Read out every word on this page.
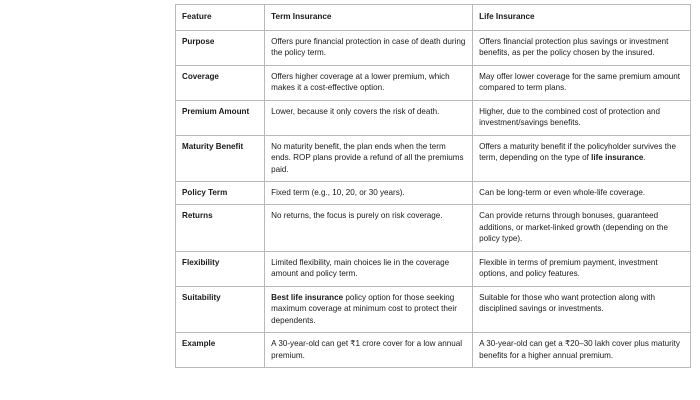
Feature	Term Insurance	Life Insurance
Purpose	Offers pure financial protection in case of death during the policy term.	Offers financial protection plus savings or investment benefits, as per the policy chosen by the insured.
Coverage	Offers higher coverage at a lower premium, which makes it a cost-effective option.	May offer lower coverage for the same premium amount compared to term plans.
Premium Amount	Lower, because it only covers the risk of death.	Higher, due to the combined cost of protection and investment/savings benefits.
Maturity Benefit	No maturity benefit, the plan ends when the term ends. ROP plans provide a refund of all the premiums paid.	Offers a maturity benefit if the policyholder survives the term, depending on the type of life insurance.
Policy Term	Fixed term (e.g., 10, 20, or 30 years).	Can be long-term or even whole-life coverage.
Returns	No returns, the focus is purely on risk coverage.	Can provide returns through bonuses, guaranteed additions, or market-linked growth (depending on the policy type).
Flexibility	Limited flexibility, main choices lie in the coverage amount and policy term.	Flexible in terms of premium payment, investment options, and policy features.
Suitability	Best life insurance policy option for those seeking maximum coverage at minimum cost to protect their dependents.	Suitable for those who want protection along with disciplined savings or investments.
Example	A 30-year-old can get ₹1 crore cover for a low annual premium.	A 30-year-old can get a ₹20–30 lakh cover plus maturity benefits for a higher annual premium.
